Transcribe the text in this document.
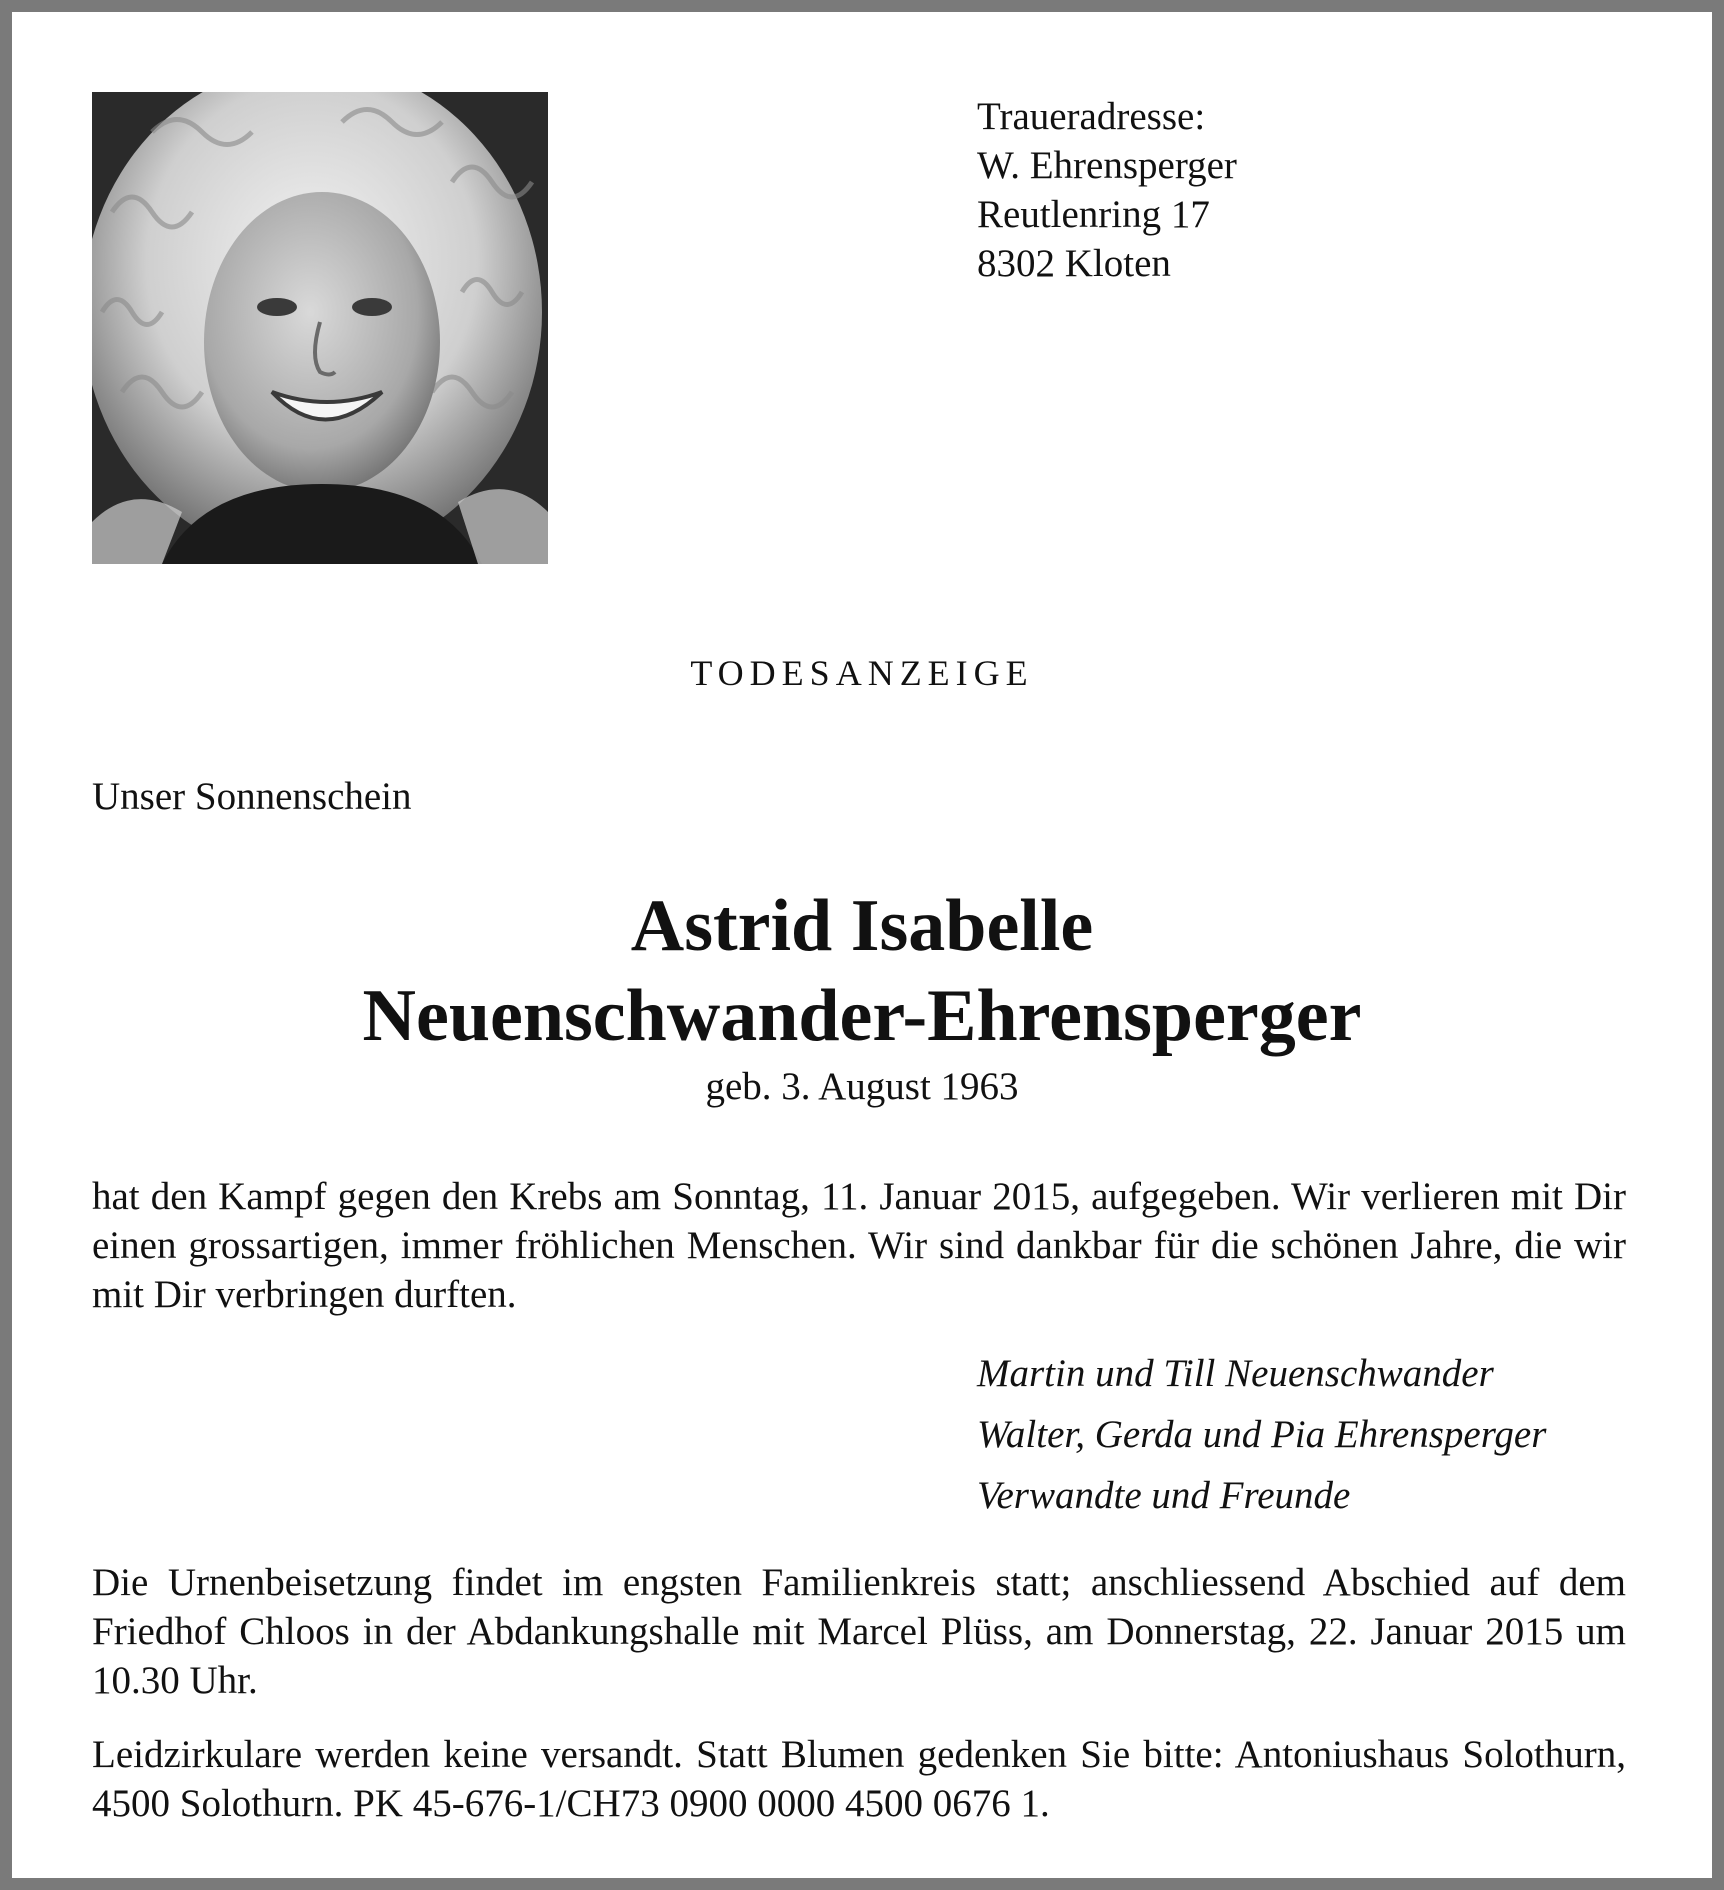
Traueradresse:
W. Ehrensperger
Reutlenring 17
8302 Kloten
TODESANZEIGE
Unser Sonnenschein
Astrid Isabelle
Neuenschwander-Ehrensperger
geb. 3. August 1963
hat den Kampf gegen den Krebs am Sonntag, 11. Januar 2015, aufgegeben. Wir verlieren mit Dir einen grossartigen, immer fröhlichen Menschen. Wir sind dankbar für die schönen Jahre, die wir mit Dir verbringen durften.
Martin und Till Neuenschwander
Walter, Gerda und Pia Ehrensperger
Verwandte und Freunde
Die Urnenbeisetzung findet im engsten Familienkreis statt; anschliessend Abschied auf dem Friedhof Chloos in der Abdankungshalle mit Marcel Plüss, am Donnerstag, 22. Januar 2015 um 10.30 Uhr.
Leidzirkulare werden keine versandt. Statt Blumen gedenken Sie bitte: Antoniushaus Solothurn, 4500 Solothurn. PK 45-676-1/CH73 0900 0000 4500 0676 1.
